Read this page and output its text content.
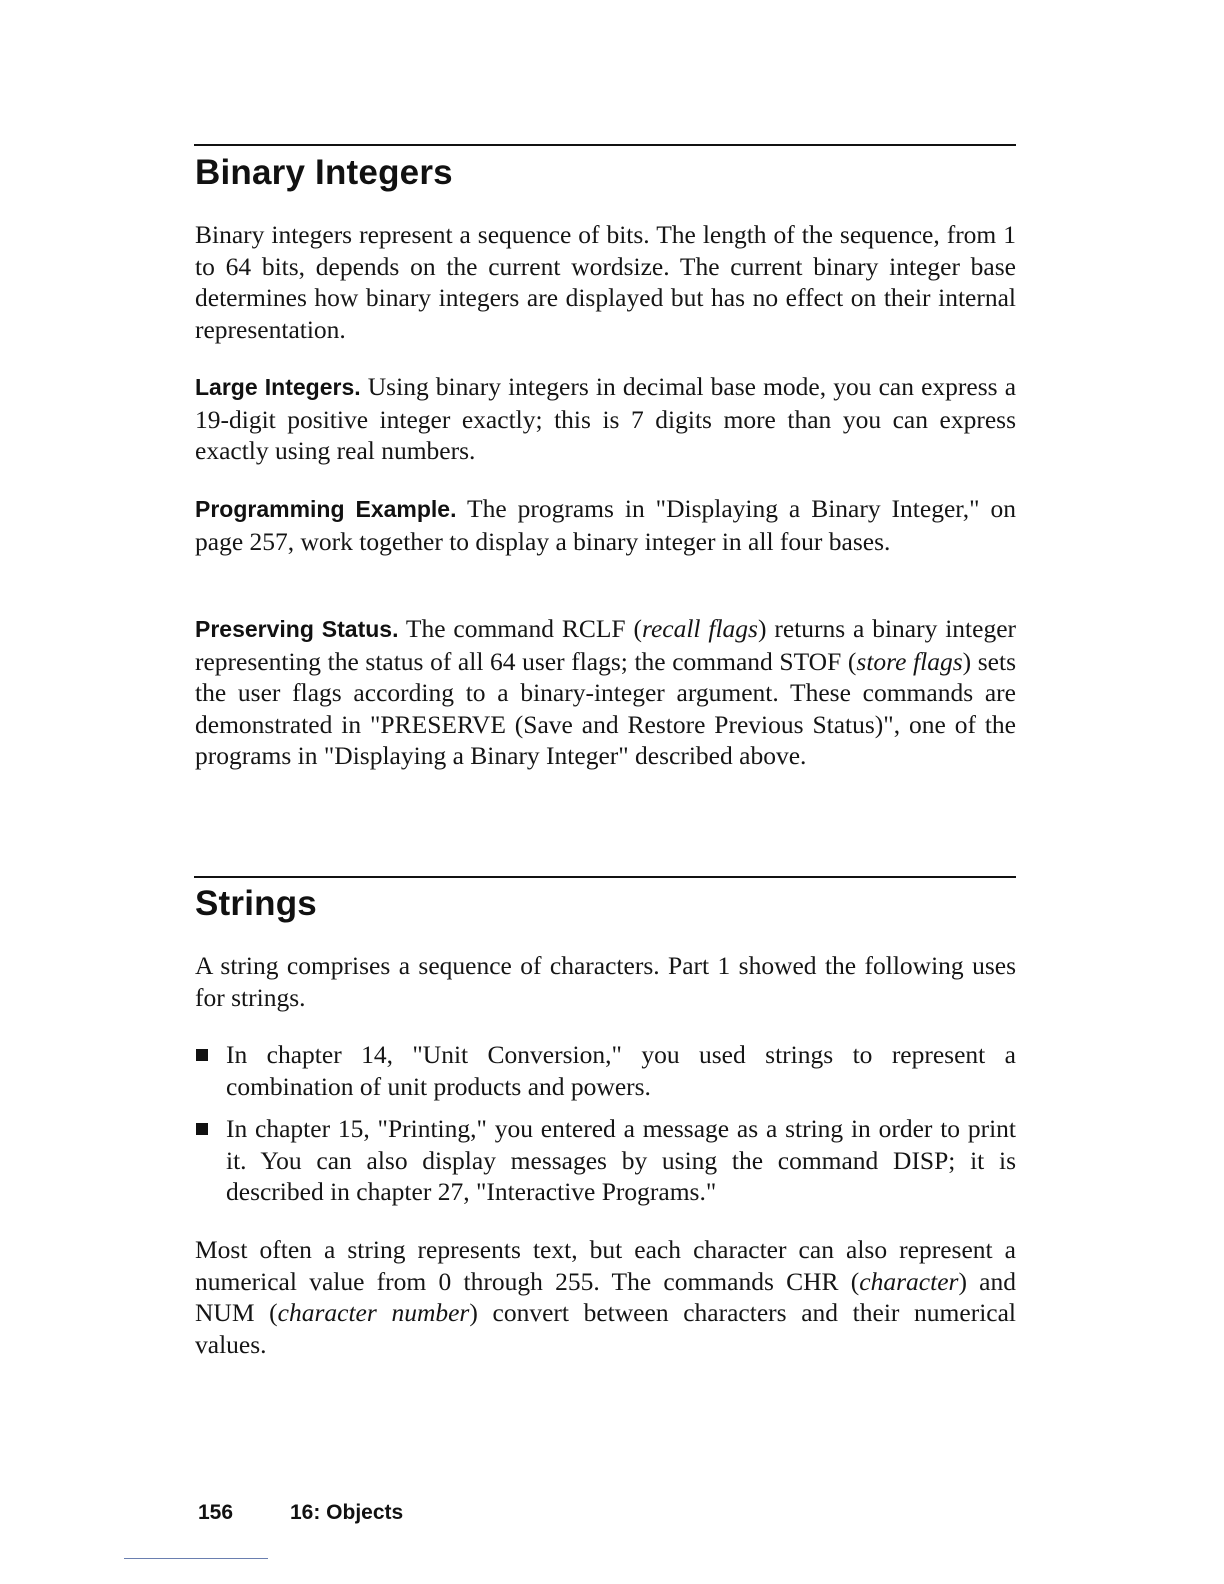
Binary Integers

Binary integers represent a sequence of bits. The length of the sequence, from 1 to 64 bits, depends on the current wordsize. The current binary integer base determines how binary integers are displayed but has no effect on their internal representation.

Large Integers. Using binary integers in decimal base mode, you can express a 19-digit positive integer exactly; this is 7 digits more than you can express exactly using real numbers.

Programming Example. The programs in "Displaying a Binary Integer," on page 257, work together to display a binary integer in all four bases.

Preserving Status. The command RCLF (recall flags) returns a binary integer representing the status of all 64 user flags; the command STOF (store flags) sets the user flags according to a binary-integer argument. These commands are demonstrated in "PRESERVE (Save and Restore Previous Status)", one of the programs in "Displaying a Binary Integer" described above.

Strings

A string comprises a sequence of characters. Part 1 showed the following uses for strings.

In chapter 14, "Unit Conversion," you used strings to represent a combination of unit products and powers.
In chapter 15, "Printing," you entered a message as a string in order to print it. You can also display messages by using the command DISP; it is described in chapter 27, "Interactive Programs."

Most often a string represents text, but each character can also represent a numerical value from 0 through 255. The commands CHR (character) and NUM (character number) convert between characters and their numerical values.

156	16: Objects
